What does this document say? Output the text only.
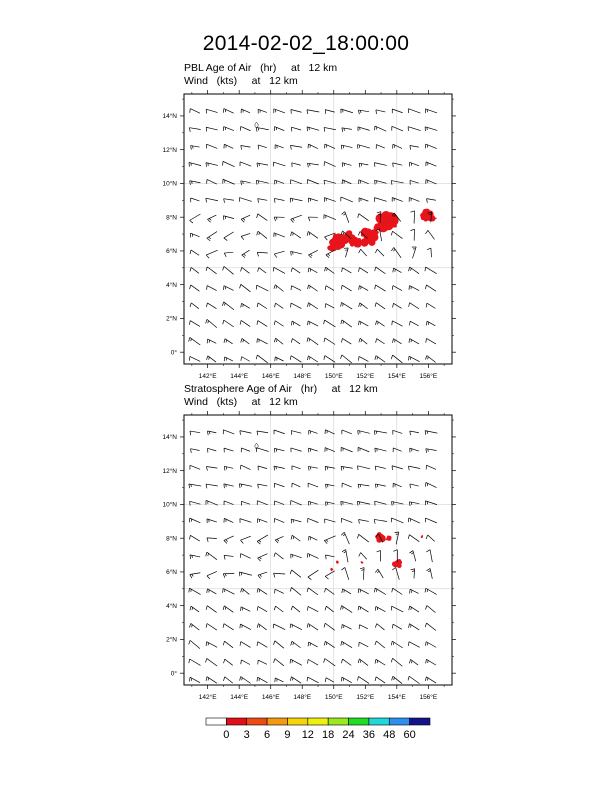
2014-02-02_18:00:00
PBL Age of Air   (hr)     at   12 km
Wind   (kts)     at   12 km
Stratosphere Age of Air   (hr)     at   12 km
Wind   (kts)     at   12 km
142°E 144°E 146°E 148°E 150°E 152°E 154°E 156°E
0°
2°N
4°N
6°N
8°N
10°N
12°N
14°N
142°E 144°E 146°E 148°E 150°E 152°E 154°E 156°E
0°
2°N
4°N
6°N
8°N
10°N
12°N
14°N
0 3 6 9 12 18 24 36 48 60
